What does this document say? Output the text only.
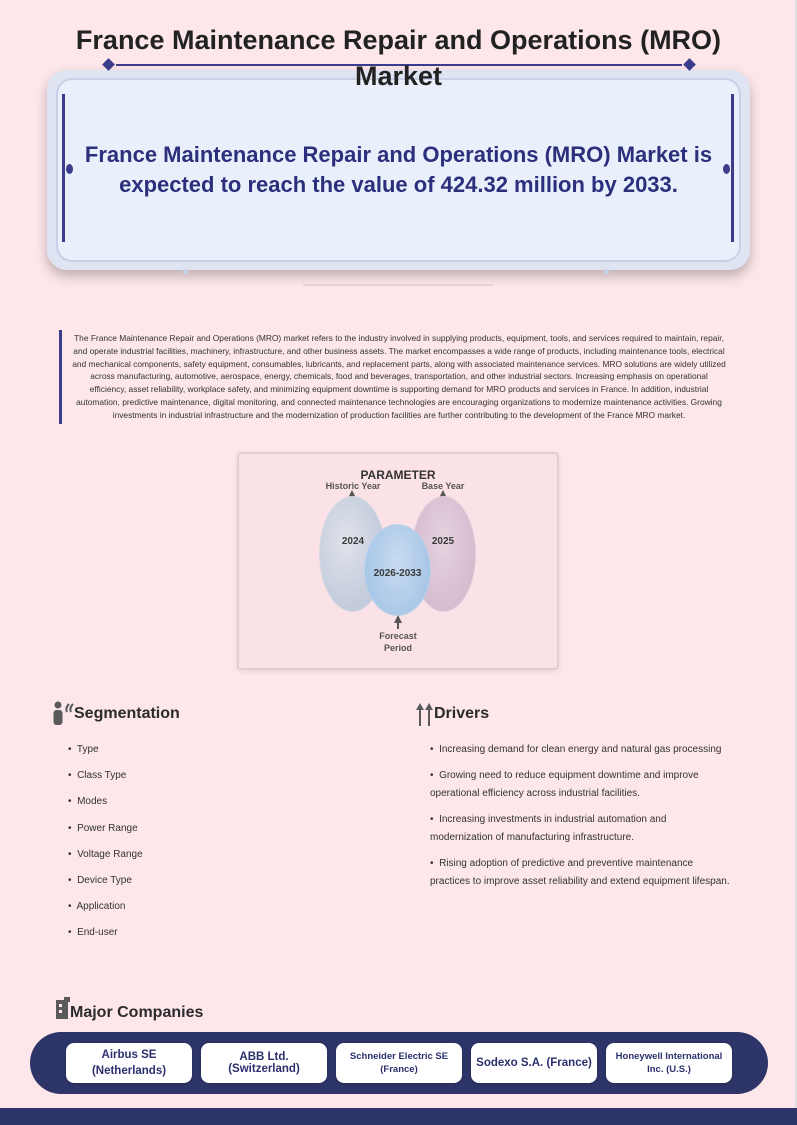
France Maintenance Repair and Operations (MRO) Market

France Maintenance Repair and Operations (MRO) Market is expected to reach the value of 424.32 million by 2033.

The France Maintenance Repair and Operations (MRO) market refers to the industry involved in supplying products, equipment, tools, and services required to maintain, repair, and operate industrial facilities, machinery, infrastructure, and other business assets. The market encompasses a wide range of products, including maintenance tools, electrical and mechanical components, safety equipment, consumables, lubricants, and replacement parts, along with associated maintenance services. MRO solutions are widely utilized across manufacturing, automotive, aerospace, energy, chemicals, food and beverages, transportation, and other industrial sectors. Increasing emphasis on operational efficiency, asset reliability, workplace safety, and minimizing equipment downtime is supporting demand for MRO products and services in France. In addition, industrial automation, predictive maintenance, digital monitoring, and connected maintenance technologies are encouraging organizations to modernize maintenance activities. Growing investments in industrial infrastructure and the modernization of production facilities are further contributing to the development of the France MRO market.

PARAMETER
Historic Year	Base Year
2024	2025
2026-2033
Forecast Period
Segmentation
•  Type
•  Class Type
•  Modes
•  Power Range
•  Voltage Range
•  Device Type
•  Application
•  End-user
Drivers
•  Increasing demand for clean energy and natural gas processing
•  Growing need to reduce equipment downtime and improve operational efficiency across industrial facilities.
•  Increasing investments in industrial automation and modernization of manufacturing infrastructure.
•  Rising adoption of predictive and preventive maintenance practices to improve asset reliability and extend equipment lifespan.
Major Companies
Airbus SE (Netherlands)
ABB Ltd. (Switzerland)
Schneider Electric SE (France)
Sodexo S.A. (France)
Honeywell International Inc. (U.S.)
